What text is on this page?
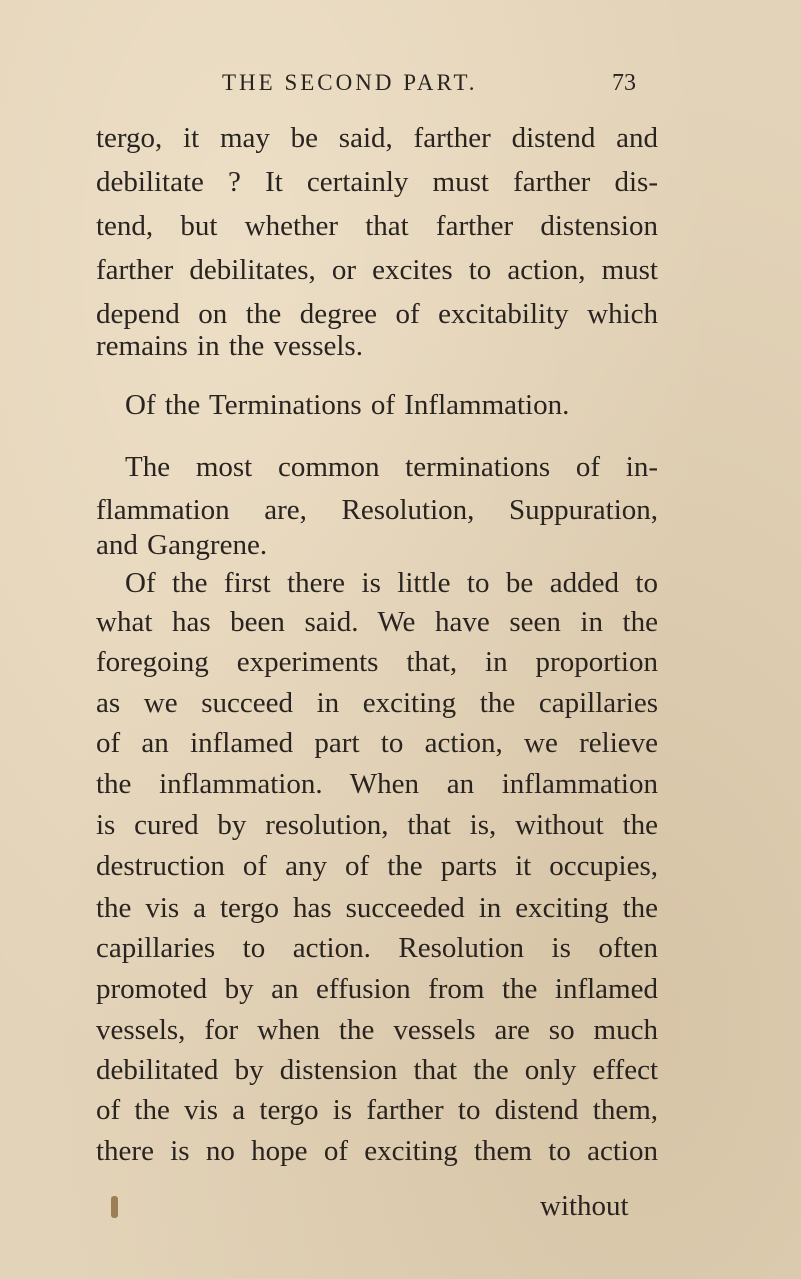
THE SECOND PART.	73
tergo, it may be said, farther distend and
debilitate ? It certainly must farther dis-
tend, but whether that farther distension
farther debilitates, or excites to action, must
depend on the degree of excitability which
remains in the vessels.
Of the Terminations of Inflammation.
The most common terminations of in-
flammation are, Resolution, Suppuration,
and Gangrene.
Of the first there is little to be added to
what has been said. We have seen in the
foregoing experiments that, in proportion
as we succeed in exciting the capillaries
of an inflamed part to action, we relieve
the inflammation. When an inflammation
is cured by resolution, that is, without the
destruction of any of the parts it occupies,
the vis a tergo has succeeded in exciting the
capillaries to action. Resolution is often
promoted by an effusion from the inflamed
vessels, for when the vessels are so much
debilitated by distension that the only effect
of the vis a tergo is farther to distend them,
there is no hope of exciting them to action
without
